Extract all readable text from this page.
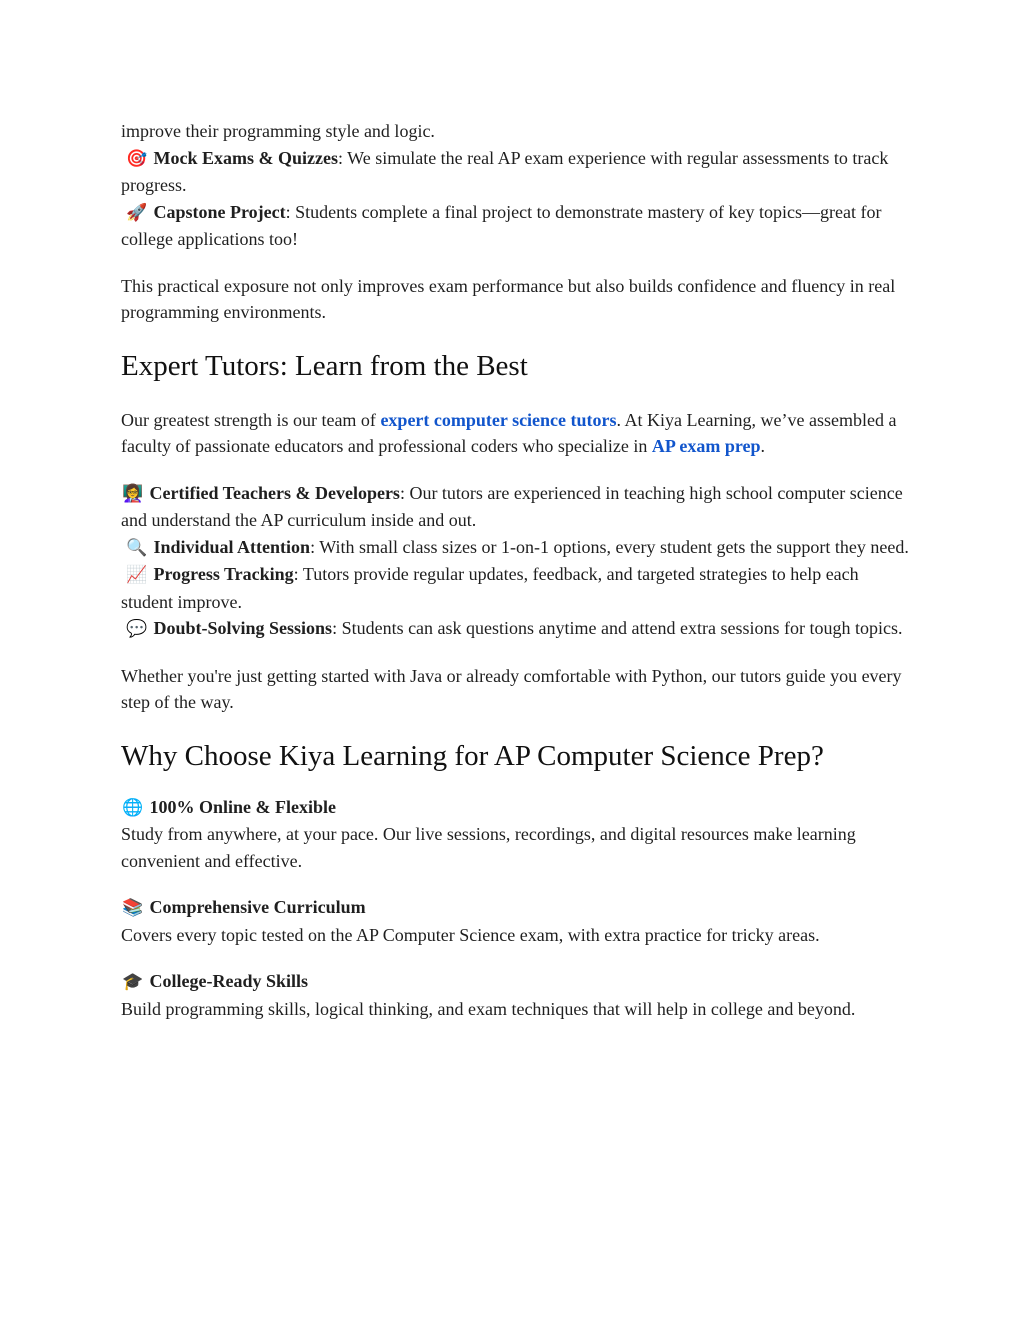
improve their programming style and logic.
🎯 Mock Exams & Quizzes: We simulate the real AP exam experience with regular assessments to track progress.
🚀 Capstone Project: Students complete a final project to demonstrate mastery of key topics—great for college applications too!

This practical exposure not only improves exam performance but also builds confidence and fluency in real programming environments.

Expert Tutors: Learn from the Best

Our greatest strength is our team of expert computer science tutors. At Kiya Learning, we’ve assembled a faculty of passionate educators and professional coders who specialize in AP exam prep.

👩‍🏫 Certified Teachers & Developers: Our tutors are experienced in teaching high school computer science and understand the AP curriculum inside and out.
🔍 Individual Attention: With small class sizes or 1-on-1 options, every student gets the support they need.
📈 Progress Tracking: Tutors provide regular updates, feedback, and targeted strategies to help each student improve.
💬 Doubt-Solving Sessions: Students can ask questions anytime and attend extra sessions for tough topics.

Whether you're just getting started with Java or already comfortable with Python, our tutors guide you every step of the way.

Why Choose Kiya Learning for AP Computer Science Prep?

🌐 100% Online & Flexible
Study from anywhere, at your pace. Our live sessions, recordings, and digital resources make learning convenient and effective.

📚 Comprehensive Curriculum
Covers every topic tested on the AP Computer Science exam, with extra practice for tricky areas.

🎓 College-Ready Skills
Build programming skills, logical thinking, and exam techniques that will help in college and beyond.
